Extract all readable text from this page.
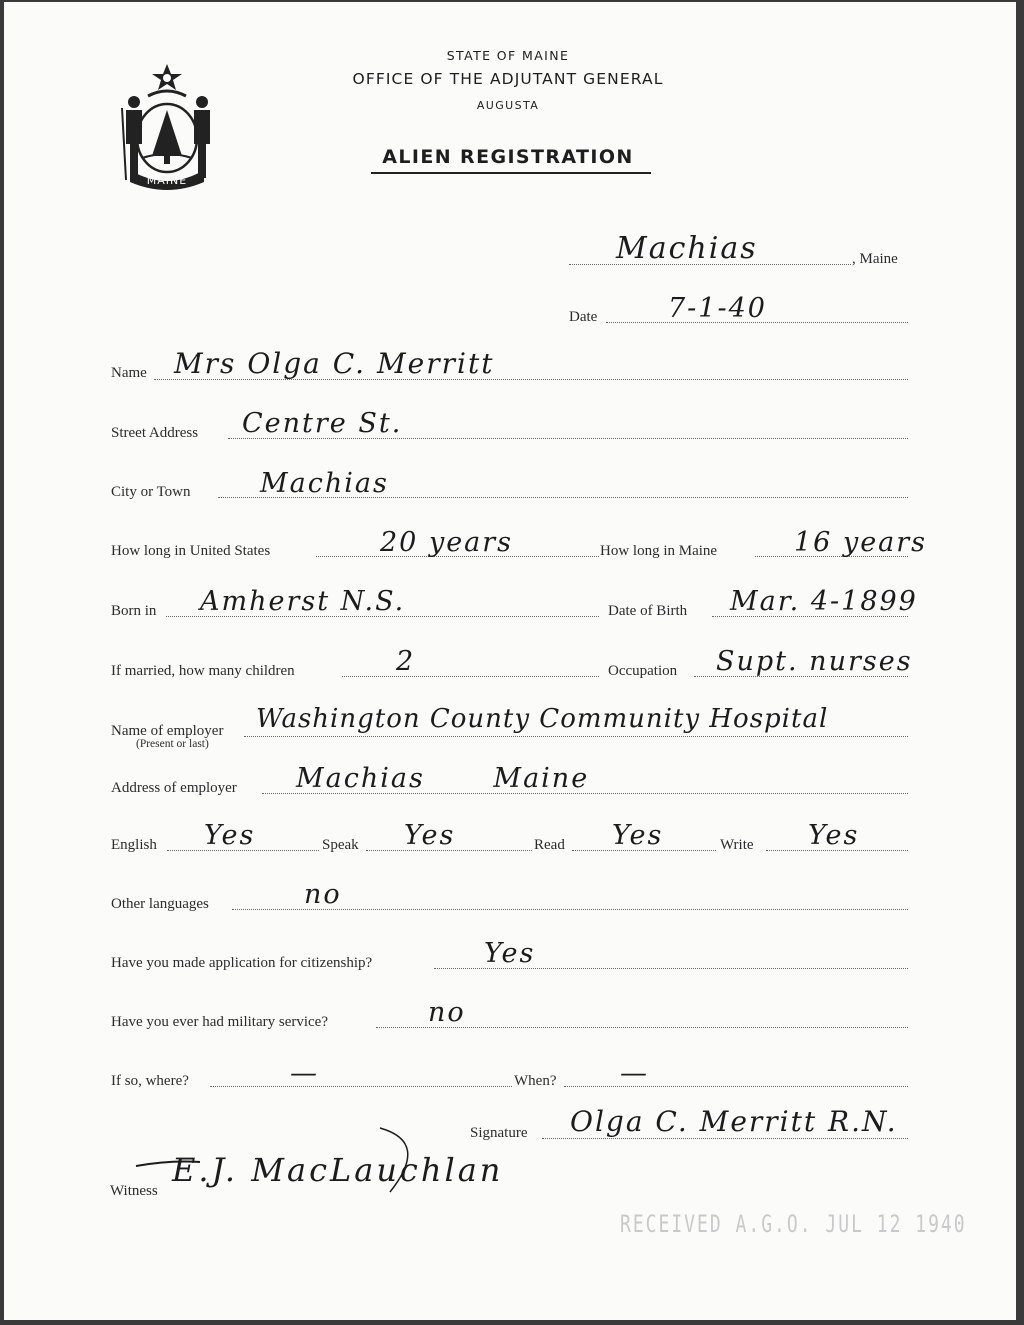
MAINE
STATE OF MAINE
OFFICE OF THE ADJUTANT GENERAL
AUGUSTA
ALIEN REGISTRATION
Machias	, Maine
Date	7-1-40
Name Mrs Olga C. Merritt
Street Address Centre St.
City or Town	Machias
How long in United States	20 years	How long in Maine	16 years
Born in Amherst N.S.	Date of Birth Mar. 4-1899
If married, how many children	2	Occupation Supt. nurses
Name of employer
(Present or last)
Washington County Community Hospital
Address of employer Machias Maine
English Yes	Speak Yes	Read Yes	Write Yes
Other languages	no
Have you made application for citizenship?	Yes
Have you ever had military service?	no
If so, where?	—	When? —
Signature Olga C. Merritt R.N.
Witness
E.J. MacLauchlan
RECEIVED A.G.O. JUL 12 1940
